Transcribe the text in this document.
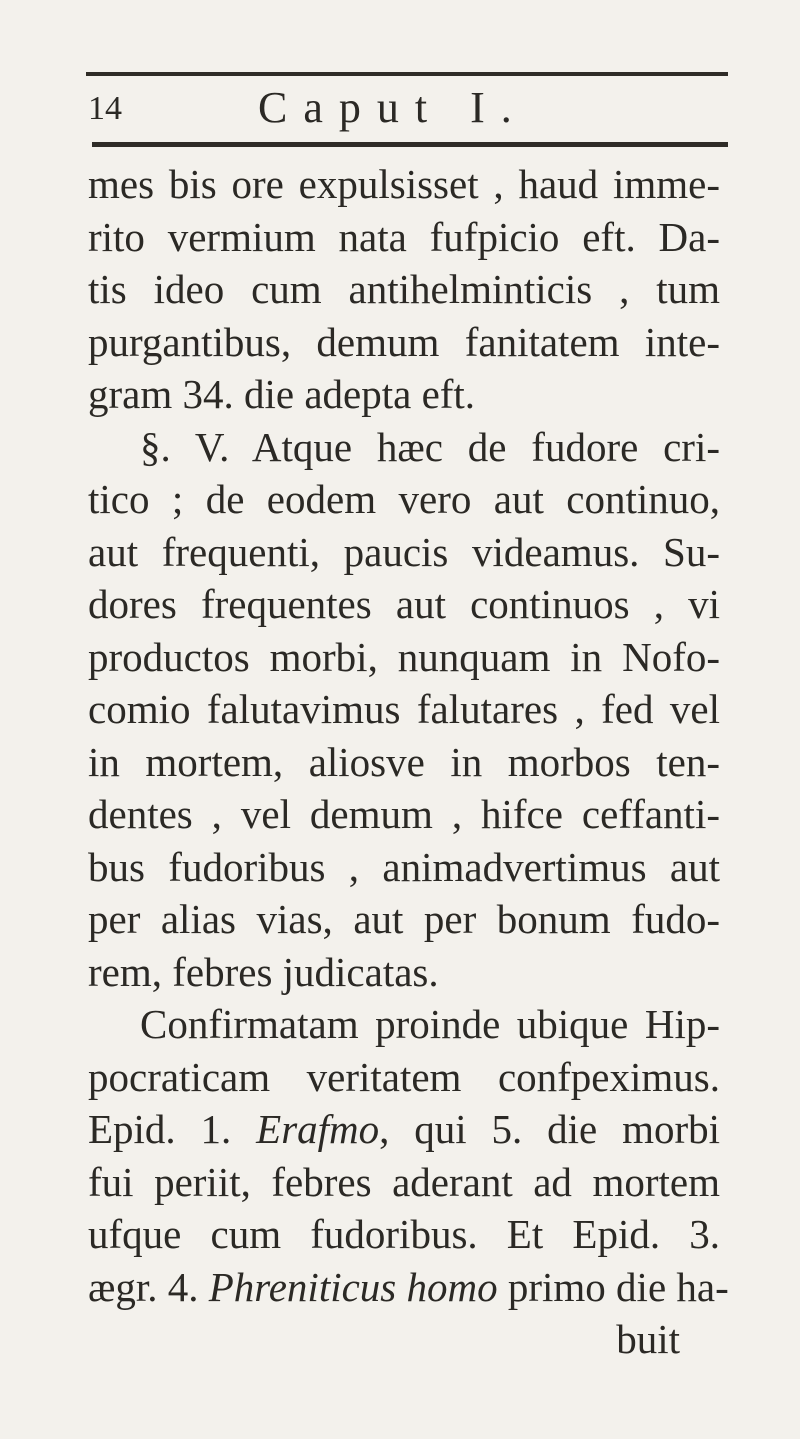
14	Caput I.
mes bis ore expulsisset , haud imme-
rito vermium nata fufpicio eft. Da-
tis ideo cum antihelminticis , tum
purgantibus, demum fanitatem inte-
gram 34. die adepta eft.
§. V. Atque hæc de fudore cri-
tico ; de eodem vero aut continuo,
aut frequenti, paucis videamus. Su-
dores frequentes aut continuos , vi
productos morbi, nunquam in Nofo-
comio falutavimus falutares , fed vel
in mortem, aliosve in morbos ten-
dentes , vel demum , hifce ceffanti-
bus fudoribus , animadvertimus aut
per alias vias, aut per bonum fudo-
rem, febres judicatas.
Confirmatam proinde ubique Hip-
pocraticam veritatem confpeximus.
Epid. 1. Erafmo, qui 5. die morbi
fui periit, febres aderant ad mortem
ufque cum fudoribus. Et Epid. 3.
ægr. 4. Phreniticus homo primo die ha-
buit
